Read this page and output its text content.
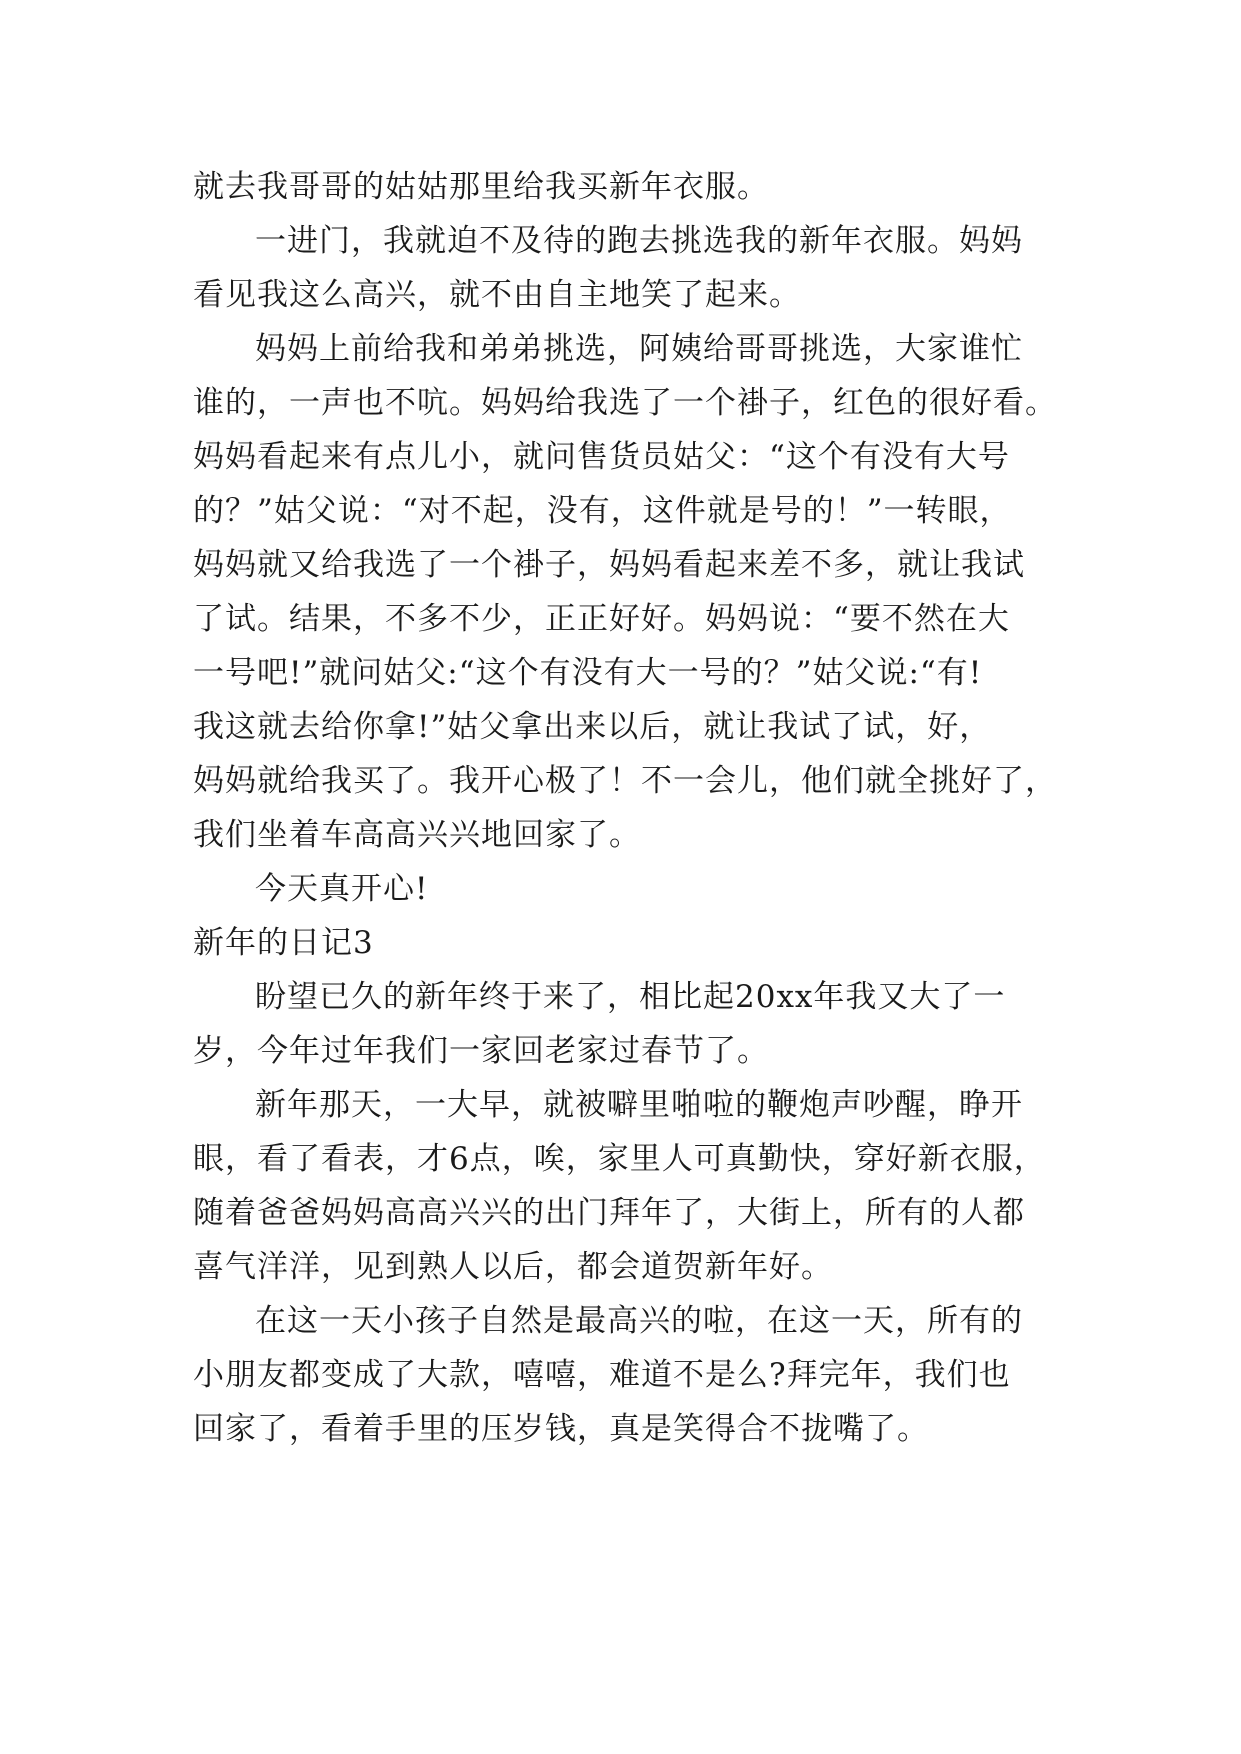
就去我哥哥的姑姑那里给我买新年衣服。
一进门，我就迫不及待的跑去挑选我的新年衣服。妈妈
看见我这么高兴，就不由自主地笑了起来。
妈妈上前给我和弟弟挑选，阿姨给哥哥挑选，大家谁忙
谁的，一声也不吭。妈妈给我选了一个褂子，红色的很好看。
妈妈看起来有点儿小，就问售货员姑父：“这个有没有大号
的？”姑父说：“对不起，没有，这件就是号的！”一转眼，
妈妈就又给我选了一个褂子，妈妈看起来差不多，就让我试
了试。结果，不多不少，正正好好。妈妈说：“要不然在大
一号吧!”就问姑父:“这个有没有大一号的？”姑父说:“有!
我这就去给你拿!”姑父拿出来以后，就让我试了试，好，
妈妈就给我买了。我开心极了！不一会儿，他们就全挑好了，
我们坐着车高高兴兴地回家了。
今天真开心!
新年的日记3
盼望已久的新年终于来了，相比起20xx年我又大了一
岁，今年过年我们一家回老家过春节了。
新年那天，一大早，就被噼里啪啦的鞭炮声吵醒，睁开
眼，看了看表，才6点，唉，家里人可真勤快，穿好新衣服，
随着爸爸妈妈高高兴兴的出门拜年了，大街上，所有的人都
喜气洋洋，见到熟人以后，都会道贺新年好。
在这一天小孩子自然是最高兴的啦，在这一天，所有的
小朋友都变成了大款，嘻嘻，难道不是么?拜完年，我们也
回家了，看着手里的压岁钱，真是笑得合不拢嘴了。
